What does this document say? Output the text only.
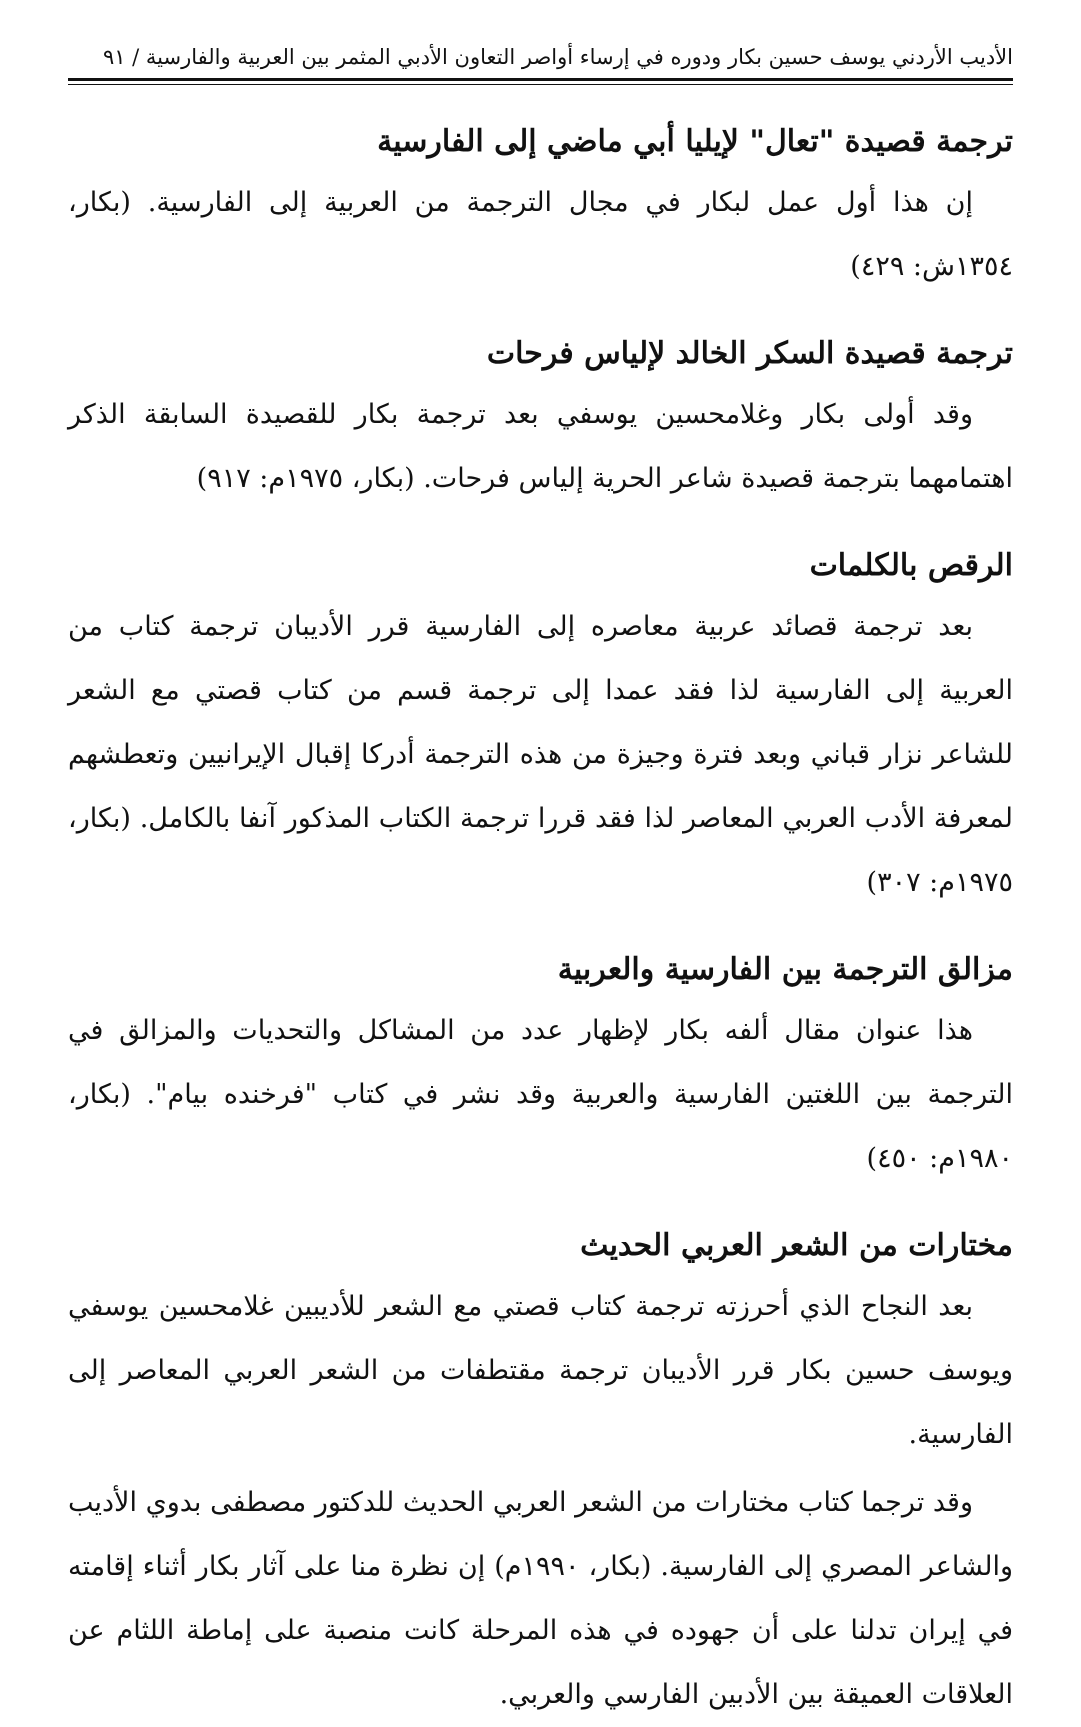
الأديب الأردني يوسف حسين بكار ودوره في إرساء أواصر التعاون الأدبي المثمر بين العربية والفارسية / ٩١
ترجمة قصيدة "تعال" لإيليا أبي ماضي إلى الفارسية

إن هذا أول عمل لبكار في مجال الترجمة من العربية إلى الفارسية. (بكار، ١٣٥٤ش: ٤٢٩)

ترجمة قصيدة السكر الخالد لإلياس فرحات

وقد أولى بكار وغلامحسين يوسفي بعد ترجمة بكار للقصيدة السابقة الذكر اهتمامهما بترجمة قصيدة شاعر الحرية إلياس فرحات. (بكار، ١٩٧٥م: ٩١٧)

الرقص بالكلمات

بعد ترجمة قصائد عربية معاصره إلى الفارسية قرر الأديبان ترجمة كتاب من العربية إلى الفارسية لذا فقد عمدا إلى ترجمة قسم من كتاب قصتي مع الشعر للشاعر نزار قباني وبعد فترة وجيزة من هذه الترجمة أدركا إقبال الإيرانيين وتعطشهم لمعرفة الأدب العربي المعاصر لذا فقد قررا ترجمة الكتاب المذكور آنفا بالكامل. (بكار، ١٩٧٥م: ٣٠٧)

مزالق الترجمة بين الفارسية والعربية

هذا عنوان مقال ألفه بكار لإظهار عدد من المشاكل والتحديات والمزالق في الترجمة بين اللغتين الفارسية والعربية وقد نشر في كتاب "فرخنده بيام". (بكار، ١٩٨٠م: ٤٥٠)

مختارات من الشعر العربي الحديث

بعد النجاح الذي أحرزته ترجمة كتاب قصتي مع الشعر للأديبين غلامحسين يوسفي ويوسف حسين بكار قرر الأديبان ترجمة مقتطفات من الشعر العربي المعاصر إلى الفارسية.

وقد ترجما كتاب مختارات من الشعر العربي الحديث للدكتور مصطفى بدوي الأديب والشاعر المصري إلى الفارسية. (بكار، ١٩٩٠م) إن نظرة منا على آثار بكار أثناء إقامته في إيران تدلنا على أن جهوده في هذه المرحلة كانت منصبة على إماطة اللثام عن العلاقات العميقة بين الأدبين الفارسي والعربي.
